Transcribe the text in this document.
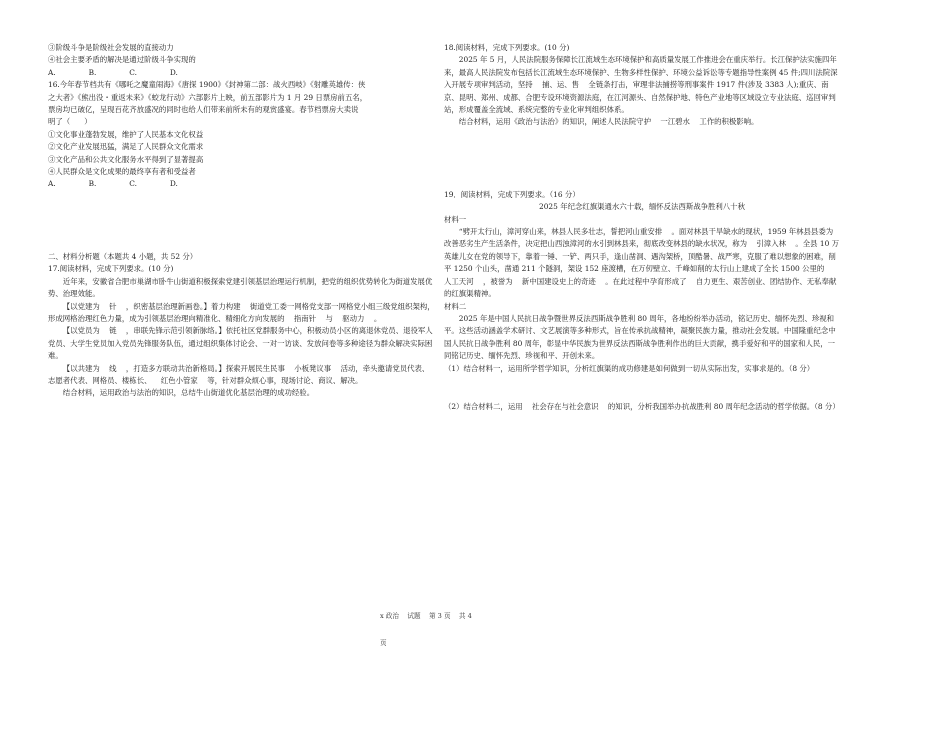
③阶级斗争是阶级社会发展的直接动力

④社会主要矛盾的解决是通过阶级斗争实现的

A.              B.              C.              D.

16.今年春节档共有《哪吒之魔童闹海》《唐探 1900》《封神第二部：战火西岐》《射雕英雄传：侠

之大者》《熊出没・重返未来》《蛟龙行动》六部影片上映，前五部影片为 1 月 29 日票房前五名，

票房均已破亿，呈现百花齐放盛况的同时也给人们带来前所未有的观赏盛宴。春节档票房大卖说

明了（      ）

①文化事业蓬勃发展，维护了人民基本文化权益

②文化产业发展迅猛，满足了人民群众文化需求

③文化产品和公共文化服务水平得到了显著提高

④人民群众是文化成果的最终享有者和受益者

A.              B.              C.              D.

二、材料分析题（本题共 4 小题，共 52 分）

17.阅读材料，完成下列要求。(10 分)

近年来，安徽省合肥市巢湖市卧牛山街道积极探索党建引领基层治理运行机制，把党的组织优势转化为街道发展优势、治理效能。

【以党建为    针    ，织密基层治理新画卷。】着力构建    街道党工委一网格党支部一网格党小组三级党组织架构，形成网格治理红色力量，成为引领基层治理向精准化、精细化方向发展的    指南针    与    驱动力    。

【以党员为    链    ，串联先锋示范引领新脉络。】依托社区党群服务中心，积极动员小区的离退休党员、退役军人党员、大学生党员加入党员先锋服务队伍，通过组织集体讨论会、一对一访谈、发放问卷等多种途径为群众解决实际困难。

【以共建为    线    ，打造多方联动共治新格局。】探索开展民生民事    小板凳议事    活动，牵头邀请党员代表、志愿者代表、网格员、楼栋长、    红色小管家    等，针对群众烦心事，现场讨论、商议、解决。

结合材料，运用政治与法治的知识，总结牛山街道优化基层治理的成功经验。

18.阅读材料，完成下列要求。(10 分)

2025 年 5 月，人民法院服务保障长江流域生态环境保护和高质量发展工作推进会在重庆举行。长江保护法实施四年来，最高人民法院发布包括长江流域生态环境保护、生物多样性保护、环境公益诉讼等专题指导性案例 45 件;四川法院深入开展专项审判活动，坚持    捕、运、售    全链条打击，审理非法捕捞等刑事案件 1917 件(涉及 3383 人);重庆、南京、昆明、郑州、成都、合肥专设环境资源法庭，在江河源头、自然保护地、特色产业地等区域设立专业法庭、巡回审判站，形成覆盖全流域、系统完整的专业化审判组织体系。

结合材料，运用《政治与法治》的知识，阐述人民法院守护    一江碧水    工作的积极影响。

19．阅读材料，完成下列要求。（16 分）

2025 年纪念红旗渠通水六十载，缅怀反法西斯战争胜利八十秋

材料一

“劈开太行山，漳河穿山来，林县人民多壮志，誓把河山重安排    。面对林县干旱缺水的现状，1959 年林县县委为改善恶劣生产生活条件，决定把山西浊漳河的水引到林县来，彻底改变林县的缺水状况，称为    引漳入林    。全县 10 万英雄儿女在党的领导下，靠着一锤、一铲、两只手，逢山凿洞、遇沟架桥，顶酷暑、战严寒，克服了难以想象的困难，削平 1250 个山头，凿通 211 个隧洞，架设 152 座渡槽，在万仞壁立、千峰如削的太行山上建成了全长 1500 公里的    人工天河    ，被誉为    新中国建设史上的奇迹    。在此过程中孕育形成了    自力更生、艰苦创业、团结协作、无私奉献    的红旗渠精神。

材料二

2025 年是中国人民抗日战争暨世界反法西斯战争胜利 80 周年，各地纷纷举办活动，铭记历史、缅怀先烈、珍视和平。这些活动涵盖学术研讨、文艺展演等多种形式，旨在传承抗战精神，凝聚民族力量，推动社会发展。中国隆重纪念中国人民抗日战争胜利 80 周年，彰显中华民族为世界反法西斯战争胜利作出的巨大贡献，携手爱好和平的国家和人民，一同铭记历史、缅怀先烈、珍视和平、开创未来。

（1）结合材料一，运用所学哲学知识，分析红旗渠的成功修建是如何做到一切从实际出发，实事求是的。（8 分）

（2）结合材料二，运用    社会存在与社会意识    的知识，分析我国举办抗战胜利 80 周年纪念活动的哲学依据。（8 分）

x 政治    试题    第 3 页    共 4

页
